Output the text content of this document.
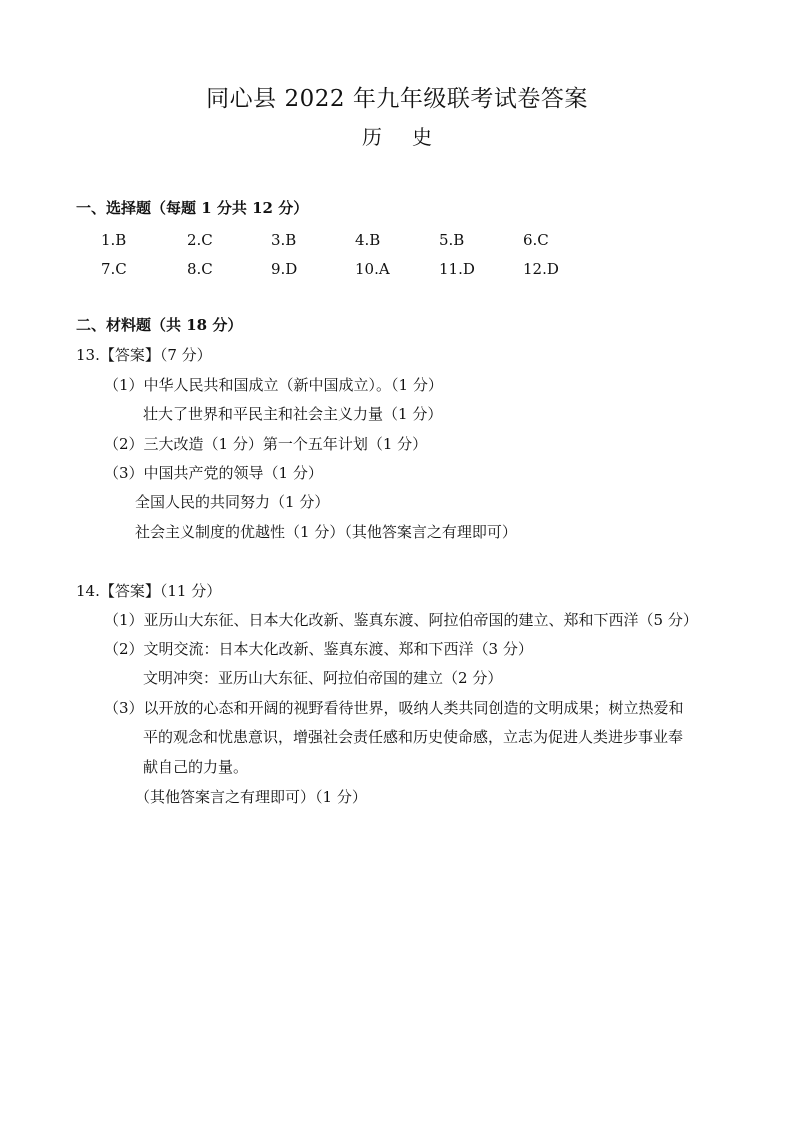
同心县 2022 年九年级联考试卷答案
历史
一、选择题（每题 1 分共 12 分）
1.B	2.C	3.B	4.B	5.B	6.C
7.C	8.C	9.D	10.A	11.D	12.D
二、材料题（共 18 分）
13.【答案】（7 分）
（1）中华人民共和国成立（新中国成立）。（1 分）
壮大了世界和平民主和社会主义力量（1 分）
（2）三大改造（1 分）第一个五年计划（1 分）
（3）中国共产党的领导（1 分）
全国人民的共同努力（1 分）
社会主义制度的优越性（1 分）（其他答案言之有理即可）
14.【答案】（11 分）
（1）亚历山大东征、日本大化改新、鉴真东渡、阿拉伯帝国的建立、郑和下西洋（5 分）
（2）文明交流：日本大化改新、鉴真东渡、郑和下西洋（3 分）
文明冲突：亚历山大东征、阿拉伯帝国的建立（2 分）
（3）以开放的心态和开阔的视野看待世界，吸纳人类共同创造的文明成果；树立热爱和
平的观念和忧患意识，增强社会责任感和历史使命感，立志为促进人类进步事业奉
献自己的力量。
（其他答案言之有理即可）（1 分）
